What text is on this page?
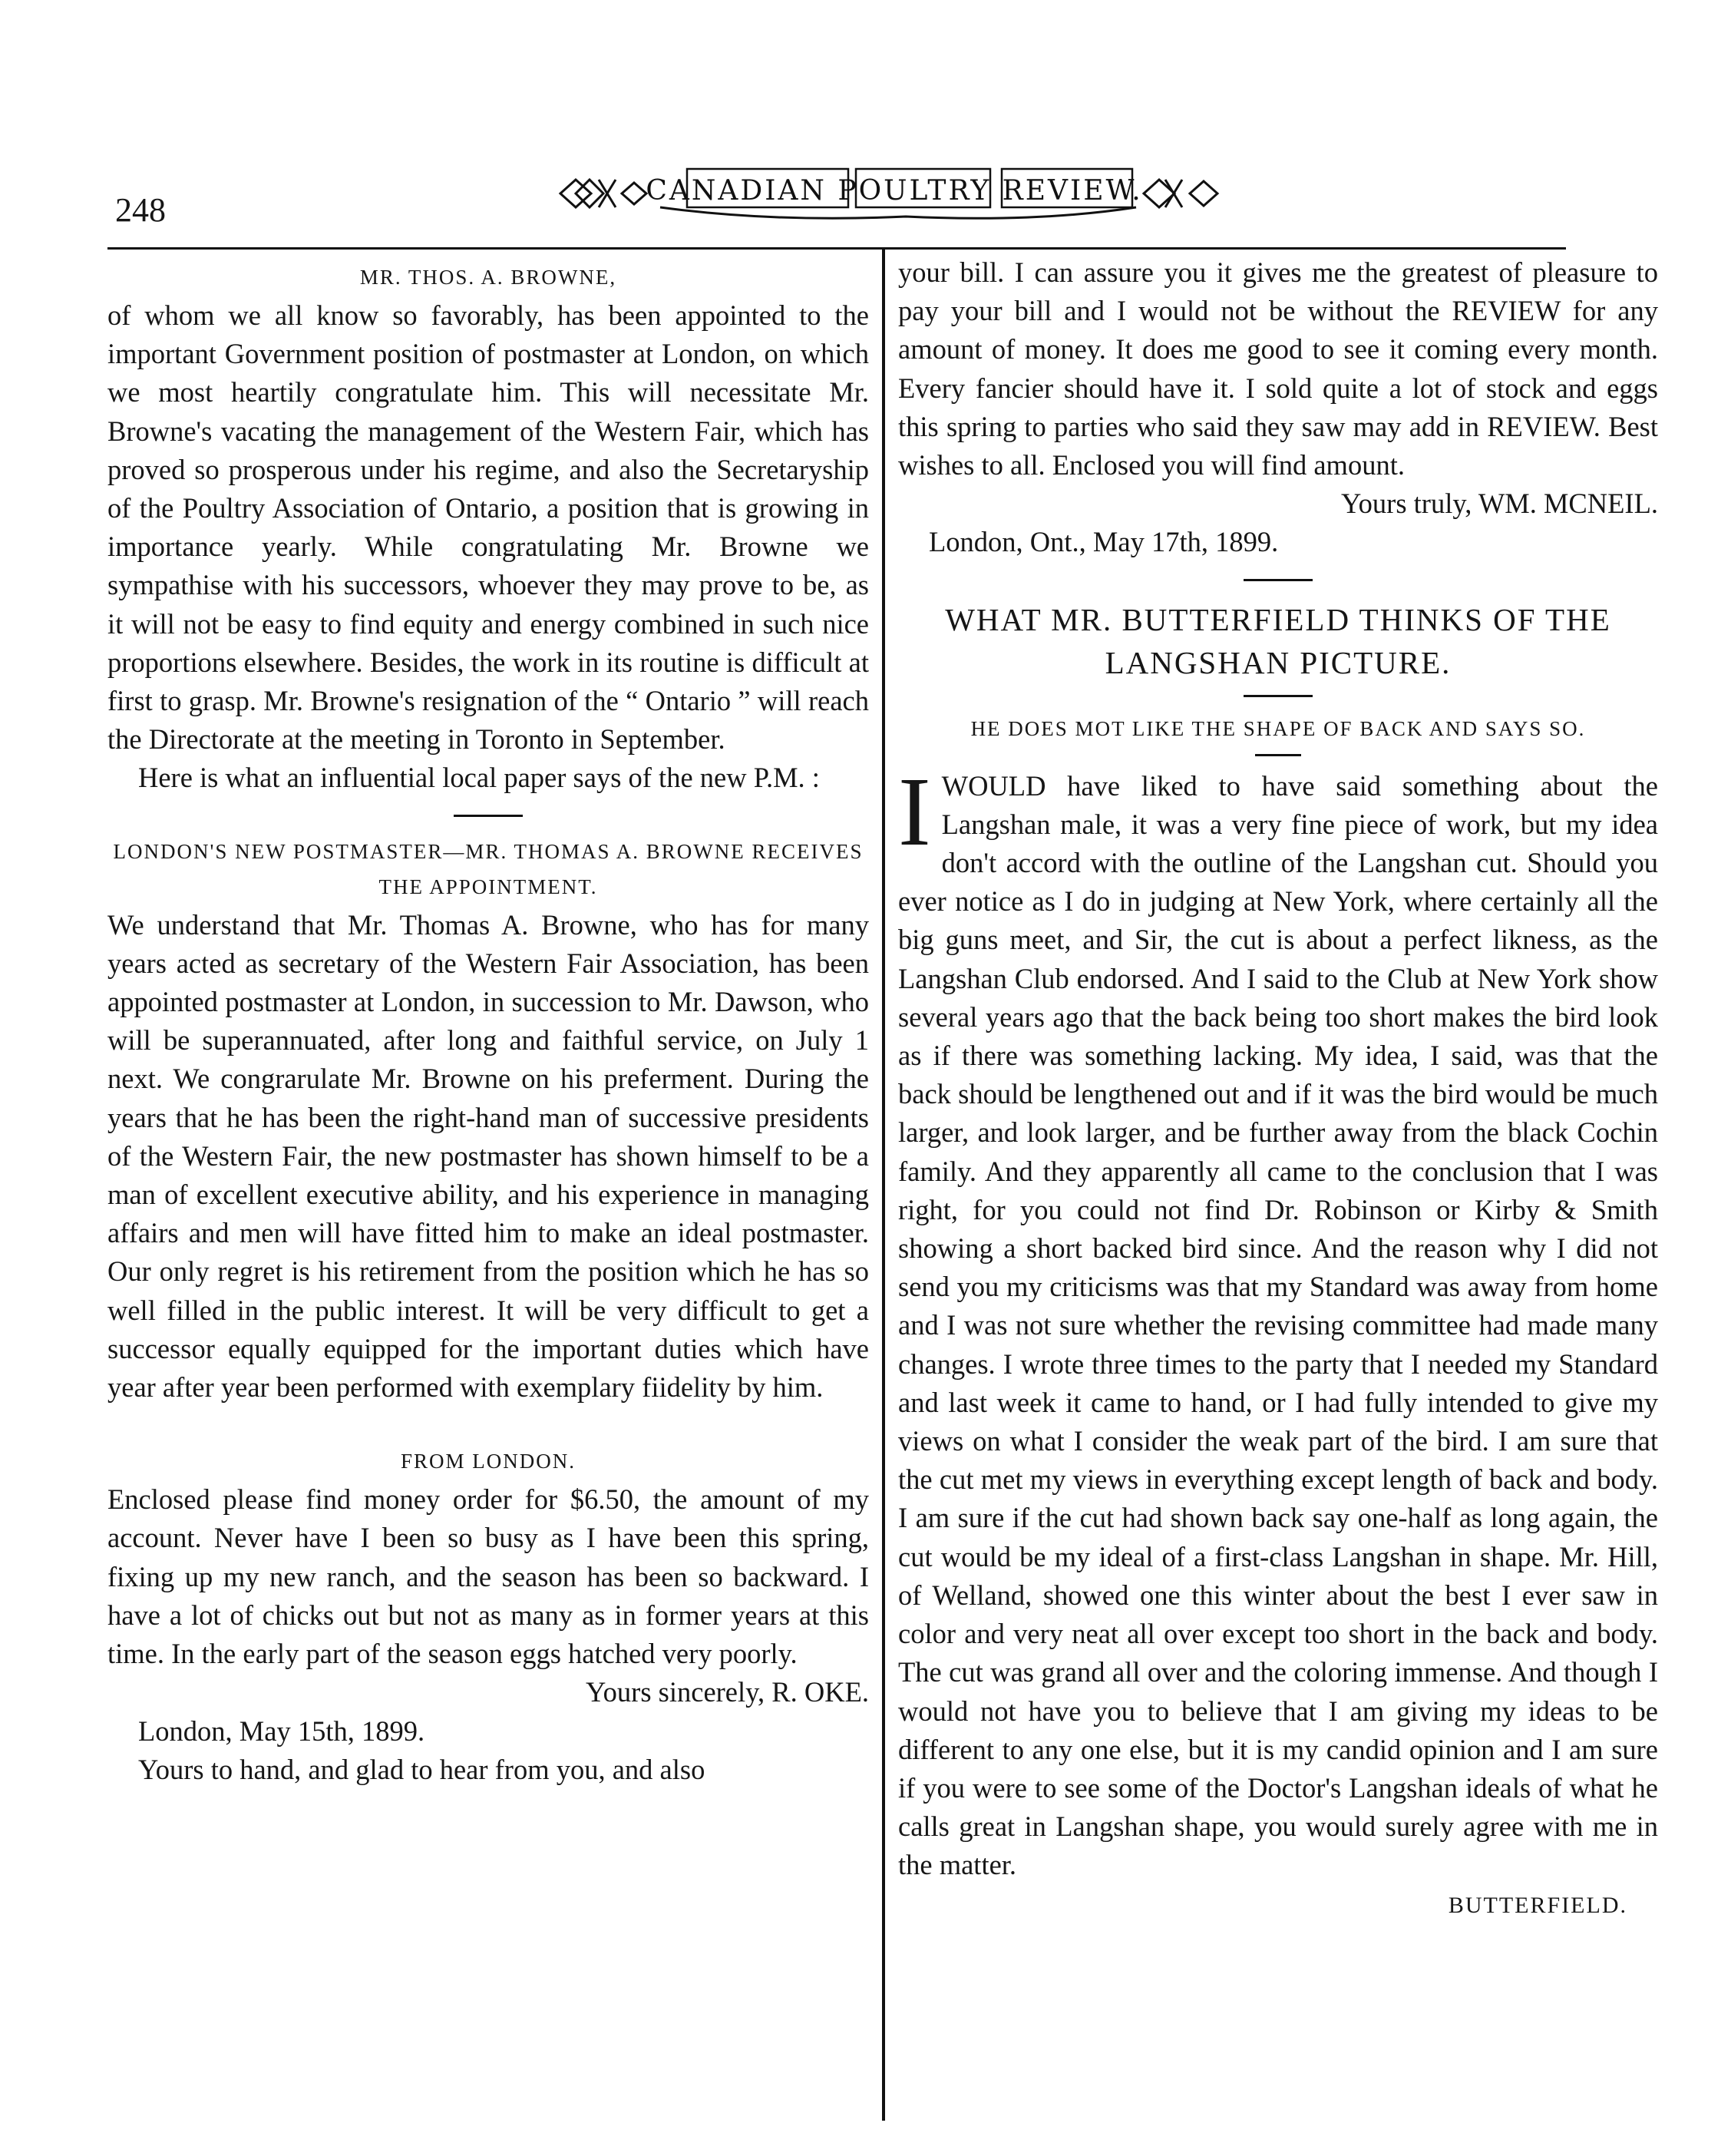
248
CANADIAN POULTRY REVIEW.
MR. THOS. A. BROWNE,

of whom we all know so favorably, has been appointed to the important Government position of postmaster at London, on which we most heartily congratulate him. This will necessitate Mr. Browne's vacating the management of the Western Fair, which has proved so prosperous under his regime, and also the Secretaryship of the Poultry Association of Ontario, a position that is growing in importance yearly. While congratulating Mr. Browne we sympathise with his successors, whoever they may prove to be, as it will not be easy to find equity and energy combined in such nice proportions elsewhere. Besides, the work in its routine is difficult at first to grasp. Mr. Browne's resignation of the “ Ontario ” will reach the Directorate at the meeting in Toronto in September.

Here is what an influential local paper says of the new P.M. :

LONDON'S NEW POSTMASTER—MR. THOMAS A. BROWNE RECEIVES THE APPOINTMENT.

We understand that Mr. Thomas A. Browne, who has for many years acted as secretary of the Western Fair Association, has been appointed postmaster at London, in succession to Mr. Dawson, who will be superannuated, after long and faithful service, on July 1 next. We congrarulate Mr. Browne on his preferment. During the years that he has been the right-hand man of successive presidents of the Western Fair, the new postmaster has shown himself to be a man of excellent executive ability, and his experience in managing affairs and men will have fitted him to make an ideal postmaster. Our only regret is his retirement from the position which he has so well filled in the public interest. It will be very difficult to get a successor equally equipped for the important duties which have year after year been performed with exemplary fiidelity by him.

FROM LONDON.

Enclosed please find money order for $6.50, the amount of my account. Never have I been so busy as I have been this spring, fixing up my new ranch, and the season has been so backward. I have a lot of chicks out but not as many as in former years at this time. In the early part of the season eggs hatched very poorly.

Yours sincerely, R. OKE.

London, May 15th, 1899.

Yours to hand, and glad to hear from you, and also

your bill. I can assure you it gives me the greatest of pleasure to pay your bill and I would not be without the REVIEW for any amount of money. It does me good to see it coming every month. Every fancier should have it. I sold quite a lot of stock and eggs this spring to parties who said they saw may add in REVIEW. Best wishes to all. Enclosed you will find amount.

Yours truly, WM. MCNEIL.

London, Ont., May 17th, 1899.

WHAT MR. BUTTERFIELD THINKS OF THE LANGSHAN PICTURE.
HE DOES MOT LIKE THE SHAPE OF BACK AND SAYS SO.

IWOULD have liked to have said something about the Langshan male, it was a very fine piece of work, but my idea don't accord with the outline of the Langshan cut. Should you ever notice as I do in judging at New York, where certainly all the big guns meet, and Sir, the cut is about a perfect likness, as the Langshan Club endorsed. And I said to the Club at New York show several years ago that the back being too short makes the bird look as if there was something lacking. My idea, I said, was that the back should be lengthened out and if it was the bird would be much larger, and look larger, and be further away from the black Cochin family. And they apparently all came to the conclusion that I was right, for you could not find Dr. Robinson or Kirby & Smith showing a short backed bird since. And the reason why I did not send you my criticisms was that my Standard was away from home and I was not sure whether the revising committee had made many changes. I wrote three times to the party that I needed my Standard and last week it came to hand, or I had fully intended to give my views on what I consider the weak part of the bird. I am sure that the cut met my views in everything except length of back and body. I am sure if the cut had shown back say one-half as long again, the cut would be my ideal of a first-class Langshan in shape. Mr. Hill, of Welland, showed one this winter about the best I ever saw in color and very neat all over except too short in the back and body. The cut was grand all over and the coloring immense. And though I would not have you to believe that I am giving my ideas to be different to any one else, but it is my candid opinion and I am sure if you were to see some of the Doctor's Langshan ideals of what he calls great in Langshan shape, you would surely agree with me in the matter.

BUTTERFIELD.
